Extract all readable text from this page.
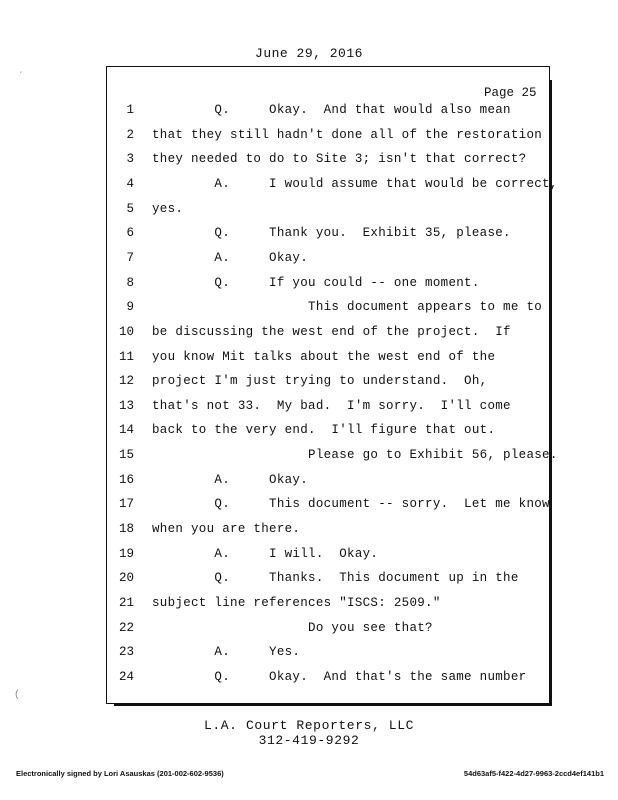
June 29, 2016
Page 25
1 Q.     Okay.  And that would also mean
2 that they still hadn't done all of the restoration
3 they needed to do to Site 3; isn't that correct?
4 A.     I would assume that would be correct,
5 yes.
6 Q.     Thank you.  Exhibit 35, please.
7 A.     Okay.
8 Q.     If you could -- one moment.
9 This document appears to me to
10 be discussing the west end of the project.  If
11 you know Mit talks about the west end of the
12 project I'm just trying to understand.  Oh,
13 that's not 33.  My bad.  I'm sorry.  I'll come
14 back to the very end.  I'll figure that out.
15 Please go to Exhibit 56, please.
16 A.     Okay.
17 Q.     This document -- sorry.  Let me know
18 when you are there.
19 A.     I will.  Okay.
20 Q.     Thanks.  This document up in the
21 subject line references "ISCS: 2509."
22 Do you see that?
23 A.     Yes.
24 Q.     Okay.  And that's the same number
L.A. Court Reporters, LLC
312-419-9292
Electronically signed by Lori Asauskas (201-002-602-9536)	54d63af5-f422-4d27-9963-2ccd4ef141b1
ˊ
(
